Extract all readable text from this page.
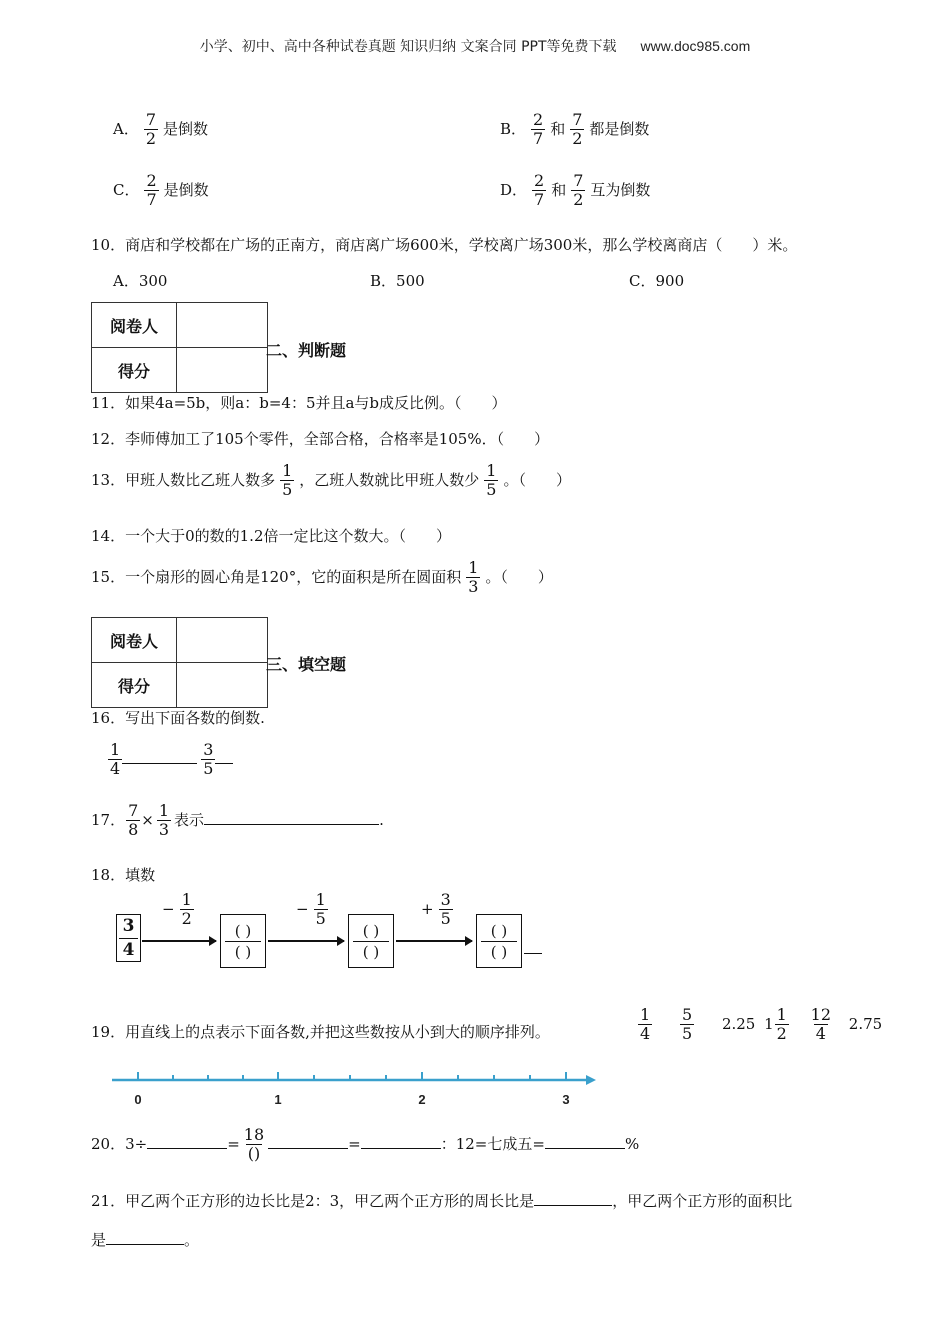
小学、初中、高中各种试卷真题 知识归纳 文案合同 PPT等免费下载 www.doc985.com
A． $\frac{7}{2}$ 是倒数	B． $\frac{2}{7}$ 和 $\frac{7}{2}$ 都是倒数
C． $\frac{2}{7}$ 是倒数	D． $\frac{2}{7}$ 和 $\frac{7}{2}$ 互为倒数
10．商店和学校都在广场的正南方，商店离广场600米，学校离广场300米，那么学校离商店（　　）米。
A．300	B．500	C．900
阅卷人	
得分	
二、判断题
11．如果4a=5b，则a：b=4：5并且a与b成反比例。（　　）
12．李师傅加工了105个零件，全部合格，合格率是105%．（　　）
13．甲班人数比乙班人数多 $\frac{1}{5}$ ，乙班人数就比甲班人数少 $\frac{1}{5}$ 。（　　）
14．一个大于0的数的1.2倍一定比这个数大。（　　）
15．一个扇形的圆心角是120°，它的面积是所在圆面积 $\frac{1}{3}$ 。（　　）
阅卷人	
得分	
三、填空题
16．写出下面各数的倒数.
$\frac{1}{4}$	$\frac{3}{5}$
17． $\frac{7}{8} \times \frac{1}{3}$ 表示	.
18．填数
3
4
− $\frac{1}{2}$
( )
( )
− $\frac{1}{5}$
( )
( )
+ $\frac{3}{5}$
( )
( )
19．用直线上的点表示下面各数,并把这些数按从小到大的顺序排列。	$\frac{1}{4}$
$\frac{5}{5} 2.25$ $1 \frac{1}{2}$
$\frac{12}{4} 2.75$
0	1	2	3
20．3÷	= $\frac{18}{()}$	=	：12=七成五=	%
21．甲乙两个正方形的边长比是2：3，甲乙两个正方形的周长比是	，甲乙两个正方形的面积比
是	。
